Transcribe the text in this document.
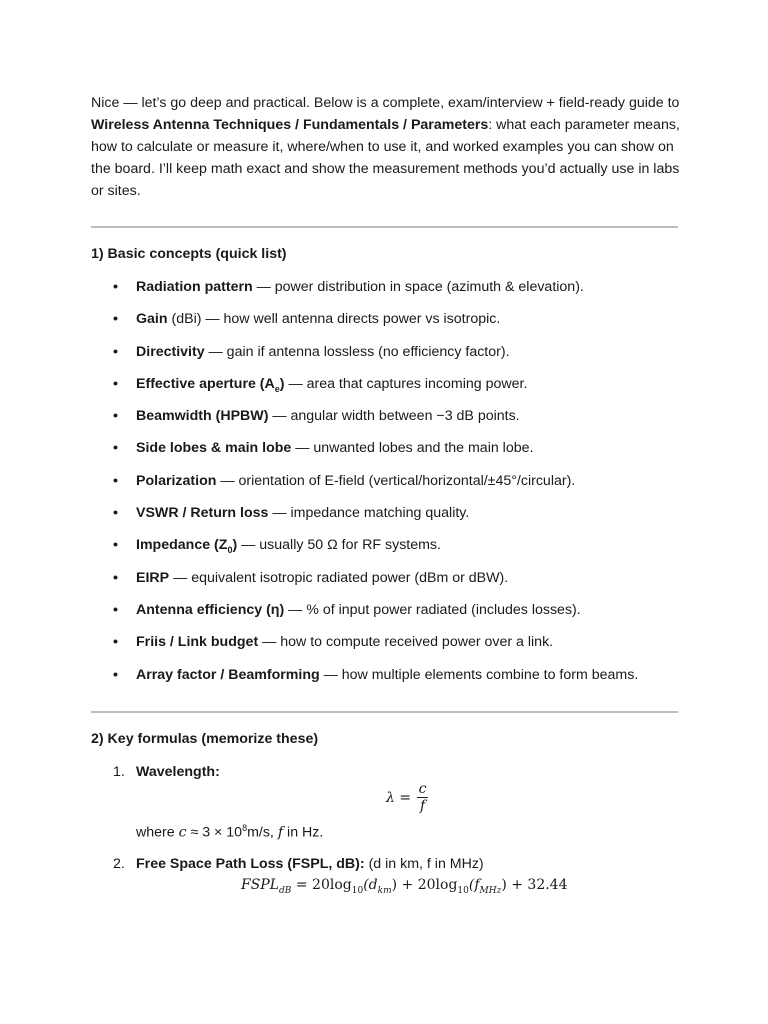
Nice — let’s go deep and practical. Below is a complete, exam/interview + field-ready guide to Wireless Antenna Techniques / Fundamentals / Parameters: what each parameter means, how to calculate or measure it, where/when to use it, and worked examples you can show on the board. I’ll keep math exact and show the measurement methods you’d actually use in labs or sites.

1) Basic concepts (quick list)
• Radiation pattern — power distribution in space (azimuth & elevation).
• Gain (dBi) — how well antenna directs power vs isotropic.
• Directivity — gain if antenna lossless (no efficiency factor).
• Effective aperture $(A_e)$ — area that captures incoming power.
• Beamwidth (HPBW) — angular width between −3 dB points.
• Side lobes & main lobe — unwanted lobes and the main lobe.
• Polarization — orientation of E-field (vertical/horizontal/±45°/circular).
• VSWR / Return loss — impedance matching quality.
• Impedance $(Z_0)$ — usually 50 Ω for RF systems.
• EIRP — equivalent isotropic radiated power (dBm or dBW).
• Antenna efficiency (η) — % of input power radiated (includes losses).
• Friis / Link budget — how to compute received power over a link.
• Array factor / Beamforming — how multiple elements combine to form beams.
2) Key formulas (memorize these)
1. Wavelength:
λ =
c
f
where $c \approx 3 \times 10^8m/s$, f in Hz.
2. Free Space Path Loss (FSPL, dB): (d in km, f in MHz)
$FSPL_{dB} = 20\log_{10}(d_{km}) + 20\log_{10}(f_{MHz}) + 32.44$
